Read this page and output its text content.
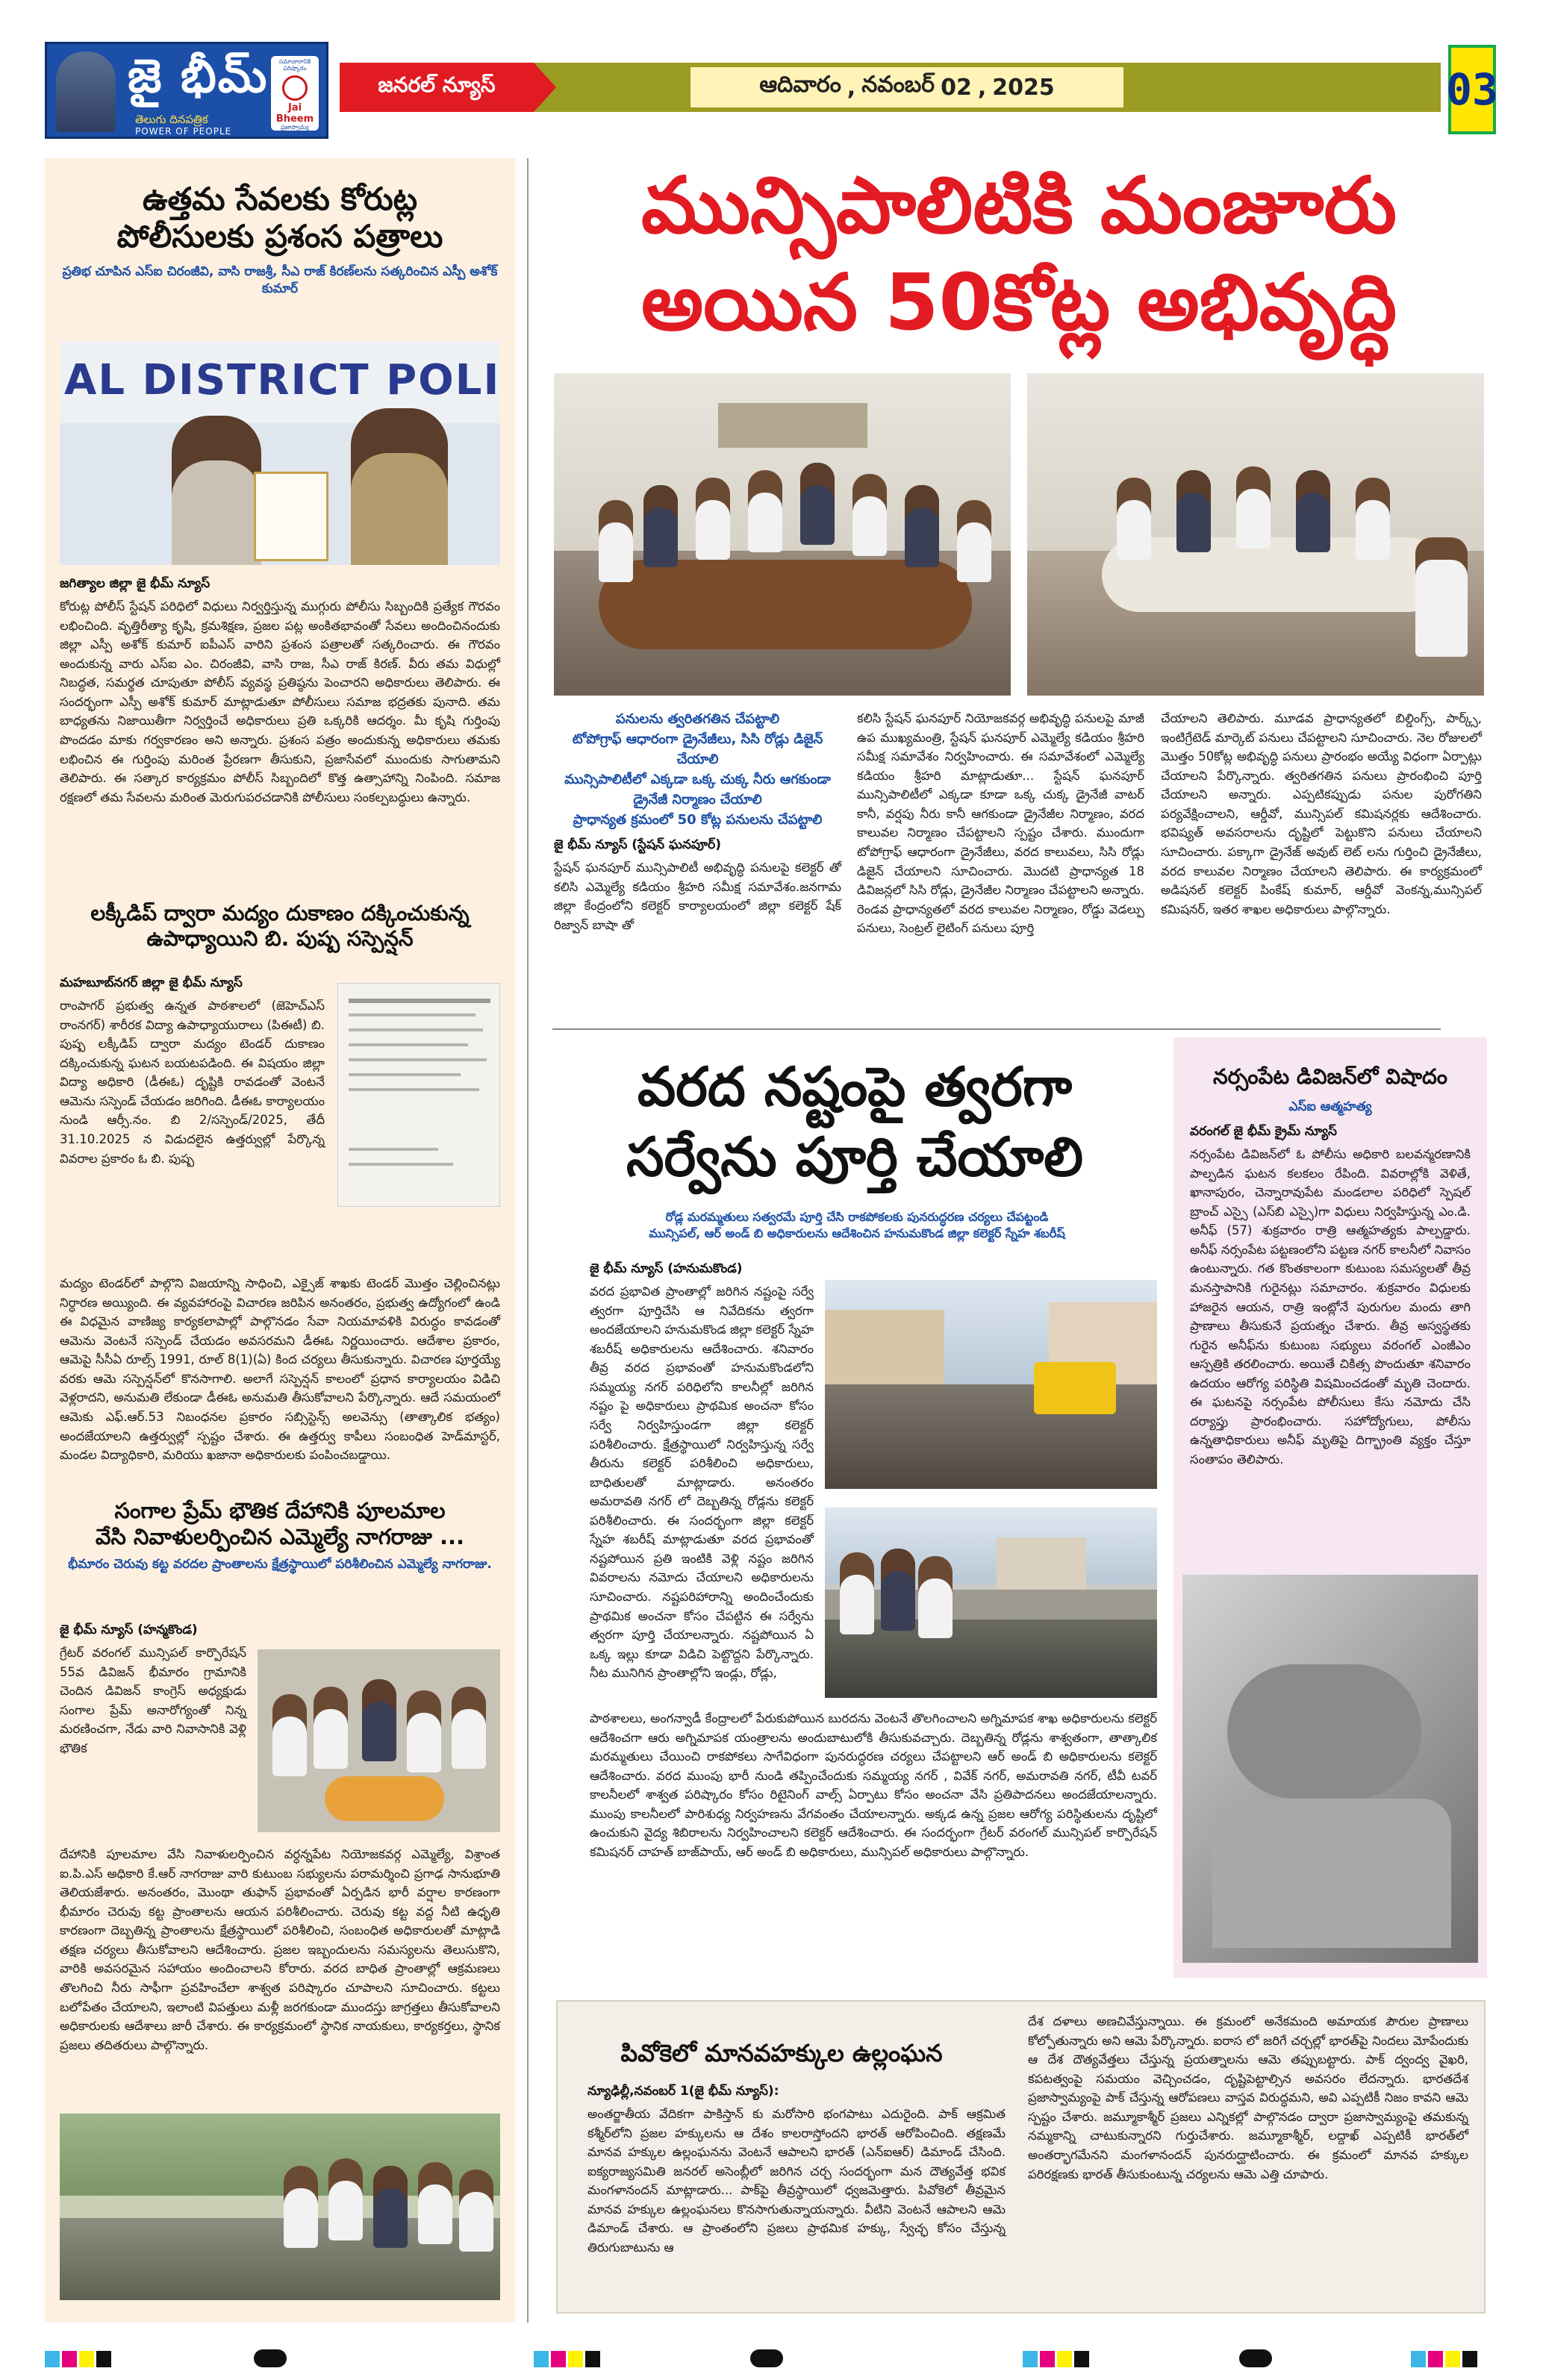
జై భీమ్
తెలుగు దినపత్రిక
POWER OF PEOPLE
సమాచారానికి పరిష్కారం
Jai Bheem
ప్రజాస్వామ్య విజయం
జనరల్ న్యూస్	ఆదివారం , నవంబర్ 02 , 2025	03
ఉత్తమ సేవలకు కోరుట్ల
పోలీసులకు ప్రశంస పత్రాలు
ప్రతిభ చూపిన ఎస్‌ఐ చిరంజీవి, వాసి రాజశ్రీ, సీఎ రాజ్ కిరణ్‌లను సత్కరించిన ఎస్పీ అశోక్ కుమార్
AL DISTRICT POLI
జగిత్యాల జిల్లా జై భీమ్ న్యూస్
కోరుట్ల పోలీస్ స్టేషన్ పరిధిలో విధులు నిర్వర్తిస్తున్న ముగ్గురు పోలీసు సిబ్బందికి ప్రత్యేక గౌరవం లభించింది. వృత్తిరీత్యా కృషి, క్రమశిక్షణ, ప్రజల పట్ల అంకితభావంతో సేవలు అందించినందుకు జిల్లా ఎస్పీ అశోక్ కుమార్ ఐపీఎస్ వారిని ప్రశంస పత్రాలతో సత్కరించారు. ఈ గౌరవం అందుకున్న వారు ఎస్‌ఐ ఎం. చిరంజీవి, వాసి రాజ, సీఎ రాజ్ కిరణ్. వీరు తమ విధుల్లో నిబద్ధత, సమర్థత చూపుతూ పోలీస్ వ్యవస్థ ప్రతిష్ఠను పెంచారని అధికారులు తెలిపారు. ఈ సందర్భంగా ఎస్పీ అశోక్ కుమార్ మాట్లాడుతూ పోలీసులు సమాజ భద్రతకు పునాది. తమ బాధ్యతను నిజాయితీగా నిర్వర్తించే అధికారులు ప్రతి ఒక్కరికి ఆదర్శం. మీ కృషి గుర్తింపు పొందడం మాకు గర్వకారణం అని అన్నారు. ప్రశంస పత్రం అందుకున్న అధికారులు తమకు లభించిన ఈ గుర్తింపు మరింత ప్రేరణగా తీసుకుని, ప్రజాసేవలో ముందుకు సాగుతామని తెలిపారు. ఈ సత్కార కార్యక్రమం పోలీస్ సిబ్బందిలో కొత్త ఉత్సాహాన్ని నింపింది. సమాజ రక్షణలో తమ సేవలను మరింత మెరుగుపరచడానికి పోలీసులు సంకల్పబద్ధులు ఉన్నారు.
లక్కీడిప్ ద్వారా మద్యం దుకాణం దక్కించుకున్న
ఉపాధ్యాయిని బి. పుష్ప సస్పెన్షన్
మహబూబ్‌నగర్ జిల్లా జై భీమ్ న్యూస్
రాంపాగర్ ప్రభుత్వ ఉన్నత పాఠశాలలో (జెహెచ్‌ఎస్ రాంనగర్) శారీరక విద్యా ఉపాధ్యాయురాలు (పిఈటీ) బి. పుష్ప లక్కీడిప్ ద్వారా మద్యం టెండర్ దుకాణం దక్కించుకున్న ఘటన బయటపడింది. ఈ విషయం జిల్లా విద్యా అధికారి (డీఈఓ) దృష్టికి రావడంతో వెంటనే ఆమెను సస్పెండ్ చేయడం జరిగింది. డీఈఓ కార్యాలయం నుండి ఆర్సీ.నం. బి 2/సస్పెండ్/2025, తేదీ 31.10.2025 న విడుదలైన ఉత్తర్వుల్లో పేర్కొన్న వివరాల ప్రకారం ఓ బి. పుష్ప
మద్యం టెండర్‌లో పాల్గొని విజయాన్ని సాధించి, ఎక్సైజ్ శాఖకు టెండర్ మొత్తం చెల్లించినట్లు నిర్ధారణ అయ్యింది. ఈ వ్యవహారంపై విచారణ జరిపిన అనంతరం, ప్రభుత్వ ఉద్యోగంలో ఉండి ఈ విధమైన వాణిజ్య కార్యకలాపాల్లో పాల్గొనడం సేవా నియమావళికి విరుద్ధం కావడంతో ఆమెను వెంటనే సస్పెండ్ చేయడం అవసరమని డీఈఓ నిర్ణయించారు. ఆదేశాల ప్రకారం, ఆమెపై సీసీఏ రూల్స్ 1991, రూల్ 8(1)(ఏ) కింద చర్యలు తీసుకున్నారు. విచారణ పూర్తయ్యే వరకు ఆమె సస్పెన్షన్‌లో కొనసాగాలి. అలాగే సస్పెన్షన్ కాలంలో ప్రధాన కార్యాలయం విడిచి వెళ్లరాదని, అనుమతి లేకుండా డీఈఓ అనుమతి తీసుకోవాలని పేర్కొన్నారు. ఆదే సమయంలో ఆమెకు ఎఫ్.ఆర్.53 నిబంధనల ప్రకారం సబ్సిస్టెన్స్ అలవెన్సు (తాత్కాలిక భత్యం) అందజేయాలని ఉత్తర్వుల్లో స్పష్టం చేశారు. ఈ ఉత్తర్వు కాపీలు సంబంధిత హెడ్‌మాస్టర్, మండల విద్యాధికారి, మరియు ఖజానా అధికారులకు పంపించబడ్డాయి.
సంగాల ప్రేమ్ భౌతిక దేహానికి పూలమాల
వేసి నివాళులర్పించిన ఎమ్మెల్యే నాగరాజు ...
భీమారం చెరువు కట్ట వరదల ప్రాంతాలను క్షేత్రస్థాయిలో పరిశీలించిన ఎమ్మెల్యే నాగరాజు.
జై భీమ్ న్యూస్ (హన్మకొండ)
గ్రేటర్ వరంగల్ మున్సిపల్ కార్పొరేషన్ 55వ డివిజన్ భీమారం గ్రామానికి చెందిన డివిజన్ కాంగ్రెస్ అధ్యక్షుడు సంగాల ప్రేమ్ అనారోగ్యంతో నిన్న మరణించగా, నేడు వారి నివాసానికి వెళ్లి భౌతిక
దేహానికి పూలమాల వేసి నివాళులర్పించిన వర్ధన్నపేట నియోజకవర్గ ఎమ్మెల్యే, విశ్రాంత ఐ.పి.ఎస్ అధికారి కే.ఆర్ నాగరాజు వారి కుటుంబ సభ్యులను పరామర్శించి ప్రగాఢ సానుభూతి తెలియజేశారు. అనంతరం, మొంథా తుఫాన్ ప్రభావంతో ఏర్పడిన భారీ వర్షాల కారణంగా భీమారం చెరువు కట్ట ప్రాంతాలను ఆయన పరిశీలించారు. చెరువు కట్ట వద్ద నీటి ఉధృతి కారణంగా దెబ్బతిన్న ప్రాంతాలను క్షేత్రస్థాయిలో పరిశీలించి, సంబంధిత అధికారులతో మాట్లాడి తక్షణ చర్యలు తీసుకోవాలని ఆదేశించారు. ప్రజల ఇబ్బందులను సమస్యలను తెలుసుకొని, వారికి అవసరమైన సహాయం అందించాలని కోరారు. వరద బాధిత ప్రాంతాల్లో ఆక్రమణలు తొలగించి నీరు సాఫీగా ప్రవహించేలా శాశ్వత పరిష్కారం చూపాలని సూచించారు. కట్టలు బలోపేతం చేయాలని, ఇలాంటి విపత్తులు మళ్లీ జరగకుండా ముందస్తు జాగ్రత్తలు తీసుకోవాలని అధికారులకు ఆదేశాలు జారీ చేశారు. ఈ కార్యక్రమంలో స్థానిక నాయకులు, కార్యకర్తలు, స్థానిక ప్రజలు తదితరులు పాల్గొన్నారు.
మున్సిపాలిటికి మంజూరు
అయిన 50కోట్ల అభివృద్ధి
పనులను త్వరితగతిన చేపట్టాలి
టోపోగ్రాఫ్ ఆధారంగా డ్రైనేజీలు, సిసి రోడ్లు డిజైన్ చేయాలి
మున్సిపాలిటీలో ఎక్కడా ఒక్క చుక్క నీరు ఆగకుండా డ్రైనేజీ నిర్మాణం చేయాలి
ప్రాధాన్యత క్రమంలో 50 కోట్ల పనులను చేపట్టాలి
జై భీమ్ న్యూస్ (స్టేషన్ ఘనపూర్)
స్టేషన్ ఘనపూర్ మున్సిపాలిటీ అభివృద్ధి పనులపై కలెక్టర్ తో కలిసి ఎమ్మెల్యే కడియం శ్రీహరి సమీక్ష సమావేశం.జనగామ జిల్లా కేంద్రంలోని కలెక్టర్ కార్యాలయంలో జిల్లా కలెక్టర్ షేక్ రిజ్వాన్ బాషా తో
కలిసి స్టేషన్ ఘనపూర్ నియోజకవర్గ అభివృద్ధి పనులపై మాజీ ఉప ముఖ్యమంత్రి, స్టేషన్ ఘనపూర్ ఎమ్మెల్యే కడియం శ్రీహరి సమీక్ష సమావేశం నిర్వహించారు. ఈ సమావేశంలో ఎమ్మెల్యే కడియం శ్రీహరి మాట్లాడుతూ... స్టేషన్ ఘనపూర్ మున్సిపాలిటీలో ఎక్కడా కూడా ఒక్క చుక్క డ్రైనేజీ వాటర్ కానీ, వర్షపు నీరు కానీ ఆగకుండా డ్రైనేజీల నిర్మాణం, వరద కాలువల నిర్మాణం చేపట్టాలని స్పష్టం చేశారు. ముందుగా టోపోగ్రాఫ్ ఆధారంగా డ్రైనేజీలు, వరద కాలువలు, సిసి రోడ్లు డిజైన్ చేయాలని సూచించారు. మొదటి ప్రాధాన్యత 18 డివిజన్లలో సిసి రోడ్లు, డ్రైనేజీల నిర్మాణం చేపట్టాలని అన్నారు. రెండవ ప్రాధాన్యతలో వరద కాలువల నిర్మాణం, రోడ్డు వెడల్పు పనులు, సెంట్రల్ లైటింగ్ పనులు పూర్తి
చేయాలని తెలిపారు. మూడవ ప్రాధాన్యతలో బిల్డింగ్స్, పార్క్స్, ఇంటిగ్రేటెడ్ మార్కెట్ పనులు చేపట్టాలని సూచించారు. నెల రోజులలో మొత్తం 50కోట్ల అభివృద్ధి పనులు ప్రారంభం అయ్యే విధంగా ఏర్పాట్లు చేయాలని పేర్కొన్నారు. త్వరితగతిన పనులు ప్రారంభించి పూర్తి చేయాలని అన్నారు. ఎప్పటికప్పుడు పనుల పురోగతిని పర్యవేక్షించాలని, ఆర్డీవో, మున్సిపల్ కమిషనర్లకు ఆదేశించారు. భవిష్యత్ అవసరాలను దృష్టిలో పెట్టుకొని పనులు చేయాలని సూచించారు. పక్కాగా డ్రైనేజ్ అవుట్ లెట్ లను గుర్తించి డ్రైనేజీలు, వరద కాలువల నిర్మాణం చేయాలని తెలిపారు. ఈ కార్యక్రమంలో అడిషనల్ కలెక్టర్ పింకేష్ కుమార్, ఆర్డీవో వెంకన్న,మున్సిపల్ కమిషనర్, ఇతర శాఖల అధికారులు పాల్గొన్నారు.
వరద నష్టంపై త్వరగా
సర్వేను పూర్తి చేయాలి
రోడ్ల మరమ్మతులు సత్వరమే పూర్తి చేసి రాకపోకలకు పునరుద్ధరణ చర్యలు చేపట్టండి
మున్సిపల్, ఆర్ అండ్ బి అధికారులను ఆదేశించిన హనుమకొండ జిల్లా కలెక్టర్ స్నేహ శబరీష్
జై భీమ్ న్యూస్ (హనుమకొండ)
వరద ప్రభావిత ప్రాంతాల్లో జరిగిన నష్టంపై సర్వే త్వరగా పూర్తిచేసి ఆ నివేదికను త్వరగా అందజేయాలని హనుమకొండ జిల్లా కలెక్టర్ స్నేహ శబరీష్ అధికారులను ఆదేశించారు. శనివారం తీవ్ర వరద ప్రభావంతో హనుమకొండలోని సమ్మయ్య నగర్ పరిధిలోని కాలనీల్లో జరిగిన నష్టం పై అధికారులు ప్రాథమిక అంచనా కోసం సర్వే నిర్వహిస్తుండగా జిల్లా కలెక్టర్ పరిశీలించారు. క్షేత్రస్థాయిలో నిర్వహిస్తున్న సర్వే తీరును కలెక్టర్ పరిశీలించి అధికారులు, బాధితులతో మాట్లాడారు. అనంతరం అమరావతి నగర్ లో దెబ్బతిన్న రోడ్లను కలెక్టర్ పరిశీలించారు. ఈ సందర్భంగా జిల్లా కలెక్టర్ స్నేహ శబరీష్ మాట్లాడుతూ వరద ప్రభావంతో నష్టపోయిన ప్రతి ఇంటికి వెళ్లి నష్టం జరిగిన వివరాలను నమోదు చేయాలని అధికారులను సూచించారు. నష్టపరిహారాన్ని అందించేందుకు ప్రాథమిక అంచనా కోసం చేపట్టిన ఈ సర్వేను త్వరగా పూర్తి చేయాలన్నారు. నష్టపోయిన ఏ ఒక్క ఇల్లు కూడా విడిచి పెట్టొద్దని పేర్కొన్నారు. నీట మునిగిన ప్రాంతాల్లోని ఇండ్లు, రోడ్లు,
పాఠశాలలు, అంగన్వాడీ కేంద్రాలలో పేరుకుపోయిన బురదను వెంటనే తొలగించాలని అగ్నిమాపక శాఖ అధికారులను కలెక్టర్ ఆదేశించగా ఆరు అగ్నిమాపక యంత్రాలను అందుబాటులోకి తీసుకువచ్చారు. దెబ్బతిన్న రోడ్లను శాశ్వతంగా, తాత్కాలిక మరమ్మతులు చేయించి రాకపోకలు సాగేవిధంగా పునరుద్ధరణ చర్యలు చేపట్టాలని ఆర్ అండ్ బి అధికారులను కలెక్టర్ ఆదేశించారు. వరద ముంపు భారీ నుండి తప్పించేందుకు సమ్మయ్య నగర్ , వివేక్ నగర్, అమరావతి నగర్, టీవీ టవర్ కాలనీలలో శాశ్వత పరిష్కారం కోసం రిటైనింగ్ వాల్స్ ఏర్పాటు కోసం అంచనా వేసి ప్రతిపాదనలు అందజేయాలన్నారు. ముంపు కాలనీలలో పారిశుధ్య నిర్వహణను వేగవంతం చేయాలన్నారు. అక్కడ ఉన్న ప్రజల ఆరోగ్య పరిస్థితులను దృష్టిలో ఉంచుకుని వైద్య శిబిరాలను నిర్వహించాలని కలెక్టర్ ఆదేశించారు. ఈ సందర్భంగా గ్రేటర్ వరంగల్ మున్సిపల్ కార్పొరేషన్ కమిషనర్ చాహత్ బాజ్‌పాయ్, ఆర్ అండ్ బి అధికారులు, మున్సిపల్ అధికారులు పాల్గొన్నారు.
నర్సంపేట డివిజన్‌లో విషాదం
ఎస్‌ఐ ఆత్మహత్య
వరంగల్ జై భీమ్ క్రైమ్ న్యూస్
నర్సంపేట డివిజన్‌లో ఓ పోలీసు అధికారి బలవన్మరణానికి పాల్పడిన ఘటన కలకలం రేపింది. వివరాల్లోకి వెళితే, ఖానాపురం, చెన్నారావుపేట మండలాల పరిధిలో స్పెషల్ బ్రాంచ్ ఎస్సై (ఎస్‌బి ఎస్సై)గా విధులు నిర్వహిస్తున్న ఎం.డి. అనీఫ్ (57) శుక్రవారం రాత్రి ఆత్మహత్యకు పాల్పడ్డారు. అనీఫ్ నర్సంపేట పట్టణంలోని పట్టణ నగర్ కాలనీలో నివాసం ఉంటున్నారు. గత కొంతకాలంగా కుటుంబ సమస్యలతో తీవ్ర మనస్తాపానికి గురైనట్లు సమాచారం. శుక్రవారం విధులకు హాజరైన ఆయన, రాత్రి ఇంట్లోనే పురుగుల మందు తాగి ప్రాణాలు తీసుకునే ప్రయత్నం చేశారు. తీవ్ర అస్వస్థతకు గురైన అనీఫ్‌ను కుటుంబ సభ్యులు వరంగల్ ఎంజీఎం ఆస్పత్రికి తరలించారు. అయితే చికిత్స పొందుతూ శనివారం ఉదయం ఆరోగ్య పరిస్థితి విషమించడంతో మృతి చెందారు. ఈ ఘటనపై నర్సంపేట పోలీసులు కేసు నమోదు చేసి దర్యాప్తు ప్రారంభించారు. సహోద్యోగులు, పోలీసు ఉన్నతాధికారులు అనీఫ్ మృతిపై దిగ్భ్రాంతి వ్యక్తం చేస్తూ సంతాపం తెలిపారు.
పివోకెలో మానవహక్కుల ఉల్లంఘన
న్యూఢిల్లీ,నవంబర్ 1(జై భీమ్ న్యూస్):
అంతర్జాతీయ వేదికగా పాకిస్తాన్ కు మరోసారి భంగపాటు ఎదురైంది. పాక్ ఆక్రమిత కశ్మీర్‌లోని ప్రజల హక్కులను ఆ దేశం కాలరాస్తోందని భారత్ ఆరోపించింది. తక్షణమే మానవ హక్కుల ఉల్లంఘనను వెంటనే ఆపాలని భారత్ (ఎన్‌ఐఆర్) డిమాండ్ చేసింది. ఐక్యరాజ్యసమితి జనరల్ అసెంబ్లీలో జరిగిన చర్చ సందర్భంగా మన దౌత్యవేత్త భవిక మంగళానందన్ మాట్లాడారు... పాక్‌పై తీవ్రస్థాయిలో ధ్వజమెత్తారు. పివోకెలో తీవ్రమైన మానవ హక్కుల ఉల్లంఘనలు కొనసాగుతున్నాయన్నారు. వీటిని వెంటనే ఆపాలని ఆమె డిమాండ్ చేశారు. ఆ ప్రాంతంలోని ప్రజలు ప్రాథమిక హక్కు, స్వేచ్ఛ కోసం చేస్తున్న తిరుగుబాటును ఆ
దేశ దళాలు అణచివేస్తున్నాయి. ఈ క్రమంలో అనేకమంది అమాయక పౌరుల ప్రాణాలు కోల్పోతున్నారు అని ఆమె పేర్కొన్నారు. ఐరాస లో జరిగే చర్చల్లో భారత్‌పై నిందలు మోపేందుకు ఆ దేశ దౌత్యవేత్తలు చేస్తున్న ప్రయత్నాలను ఆమె తప్పుబట్టారు. పాక్ ద్వంద్వ వైఖరి, కపటత్వంపై సమయం వెచ్చించడం, దృష్టిపెట్టాల్సిన అవసరం లేదన్నారు. భారతదేశ ప్రజాస్వామ్యంపై పాక్ చేస్తున్న ఆరోపణలు వాస్తవ విరుద్ధమని, అవి ఎప్పటికీ నిజం కావని ఆమె స్పష్టం చేశారు. జమ్మూకాశ్మీర్ ప్రజలు ఎన్నికల్లో పాల్గొనడం ద్వారా ప్రజాస్వామ్యంపై తమకున్న నమ్మకాన్ని చాటుకున్నారని గుర్తుచేశారు. జమ్మూకాశ్మీర్, లద్దాఖ్ ఎప్పటికీ భారత్‌లో అంతర్భాగమేనని మంగళానందన్ పునరుద్ఘాటించారు. ఈ క్రమంలో మానవ హక్కుల పరిరక్షణకు భారత్ తీసుకుంటున్న చర్యలను ఆమె ఎత్తి చూపారు.
